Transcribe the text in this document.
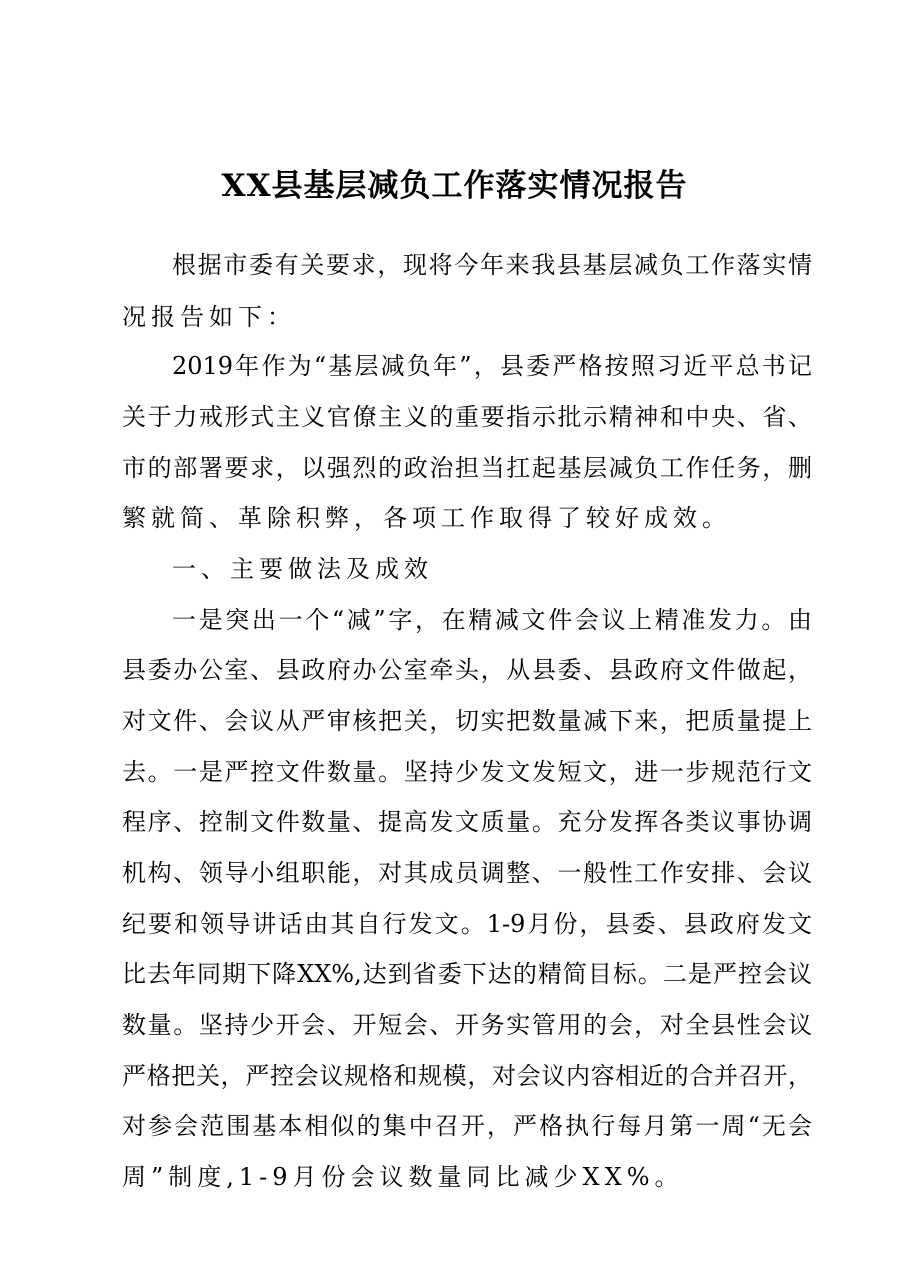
XX县基层减负工作落实情况报告
根据市委有关要求，现将今年来我县基层减负工作落实情
况报告如下：
2019年作为“基层减负年”，县委严格按照习近平总书记
关于力戒形式主义官僚主义的重要指示批示精神和中央、省、
市的部署要求，以强烈的政治担当扛起基层减负工作任务，删
繁就简、革除积弊，各项工作取得了较好成效。
一、主要做法及成效
一是突出一个“减”字，在精减文件会议上精准发力。由
县委办公室、县政府办公室牵头，从县委、县政府文件做起，
对文件、会议从严审核把关，切实把数量减下来，把质量提上
去。一是严控文件数量。坚持少发文发短文，进一步规范行文
程序、控制文件数量、提高发文质量。充分发挥各类议事协调
机构、领导小组职能，对其成员调整、一般性工作安排、会议
纪要和领导讲话由其自行发文。1-9月份，县委、县政府发文
比去年同期下降XX%,达到省委下达的精简目标。二是严控会议
数量。坚持少开会、开短会、开务实管用的会，对全县性会议
严格把关，严控会议规格和规模，对会议内容相近的合并召开，
对参会范围基本相似的集中召开，严格执行每月第一周“无会
周”制度,1-9月份会议数量同比减少XX%。
